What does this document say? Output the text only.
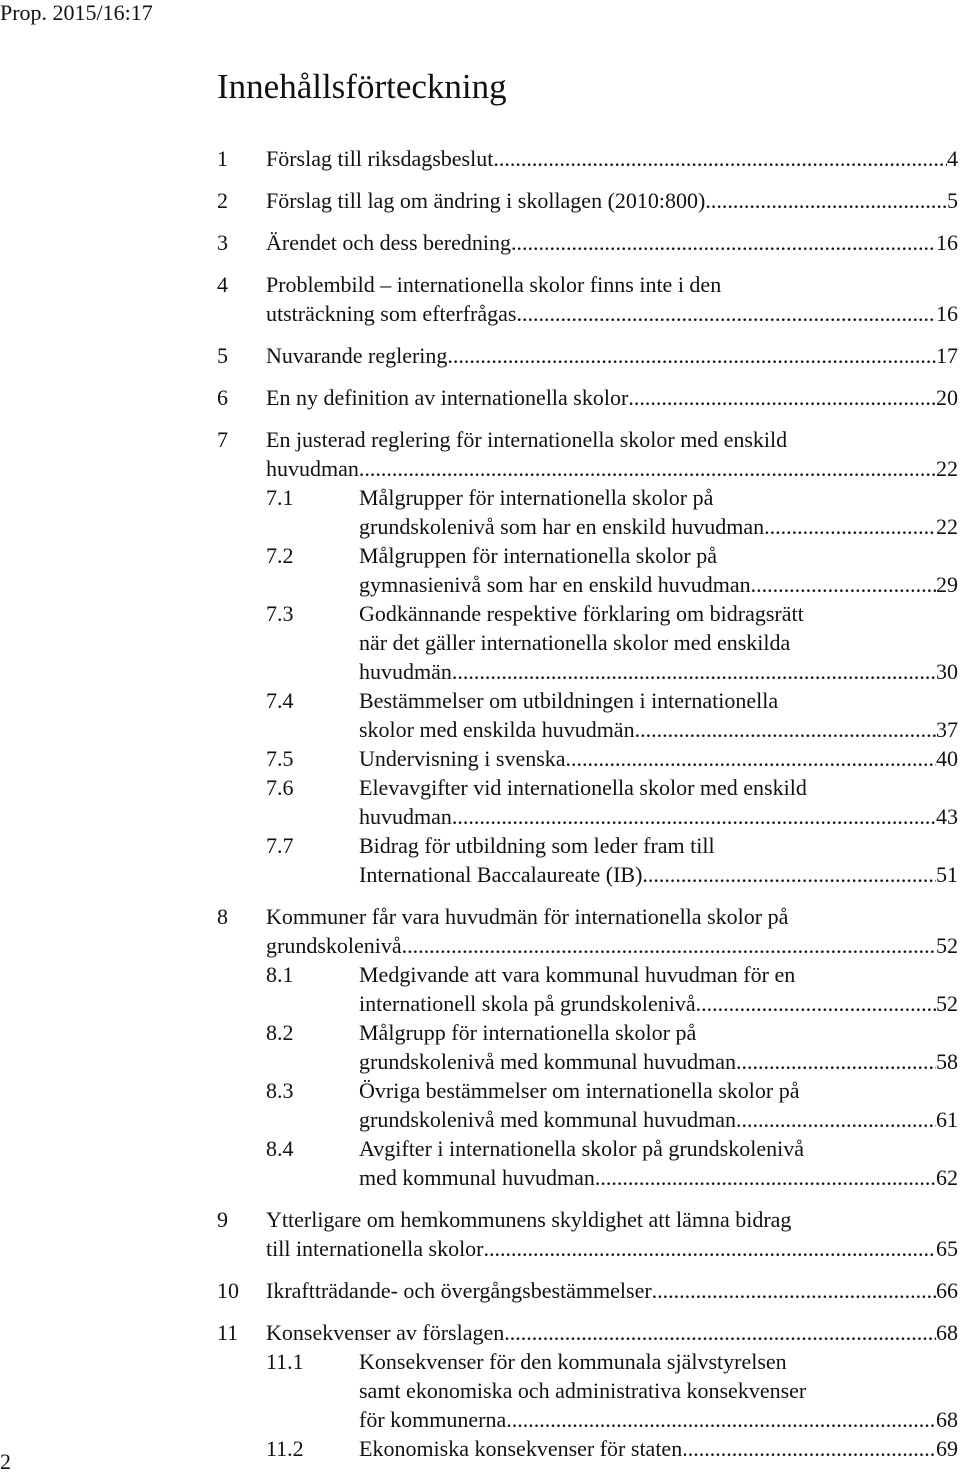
Prop. 2015/16:17
Innehållsförteckning
1	Förslag till riksdagsbeslut .....	4
2	Förslag till lag om ändring i skollagen (2010:800) .....	5
3	Ärendet och dess beredning .....	16
4	Problembild – internationella skolor finns inte i den
utsträckning som efterfrågas .....	16
5	Nuvarande reglering .....	17
6	En ny definition av internationella skolor .....	20
7	En justerad reglering för internationella skolor med enskild
huvudman .....	22
7.1	Målgrupper för internationella skolor på
grundskolenivå som har en enskild huvudman .....	22
7.2	Målgruppen för internationella skolor på
gymnasienivå som har en enskild huvudman .....	29
7.3	Godkännande respektive förklaring om bidragsrätt
när det gäller internationella skolor med enskilda
huvudmän .....	30
7.4	Bestämmelser om utbildningen i internationella
skolor med enskilda huvudmän .....	37
7.5	Undervisning i svenska .....	40
7.6	Elevavgifter vid internationella skolor med enskild
huvudman .....	43
7.7	Bidrag för utbildning som leder fram till
International Baccalaureate (IB) .....	51
8	Kommuner får vara huvudmän för internationella skolor på
grundskolenivå .....	52
8.1	Medgivande att vara kommunal huvudman för en
internationell skola på grundskolenivå .....	52
8.2	Målgrupp för internationella skolor på
grundskolenivå med kommunal huvudman .....	58
8.3	Övriga bestämmelser om internationella skolor på
grundskolenivå med kommunal huvudman .....	61
8.4	Avgifter i internationella skolor på grundskolenivå
med kommunal huvudman .....	62
9	Ytterligare om hemkommunens skyldighet att lämna bidrag
till internationella skolor .....	65
10	Ikraftträdande- och övergångsbestämmelser .....	66
11	Konsekvenser av förslagen .....	68
11.1	Konsekvenser för den kommunala självstyrelsen
samt ekonomiska och administrativa konsekvenser
för kommunerna .....	68
11.2	Ekonomiska konsekvenser för staten .....	69
2
